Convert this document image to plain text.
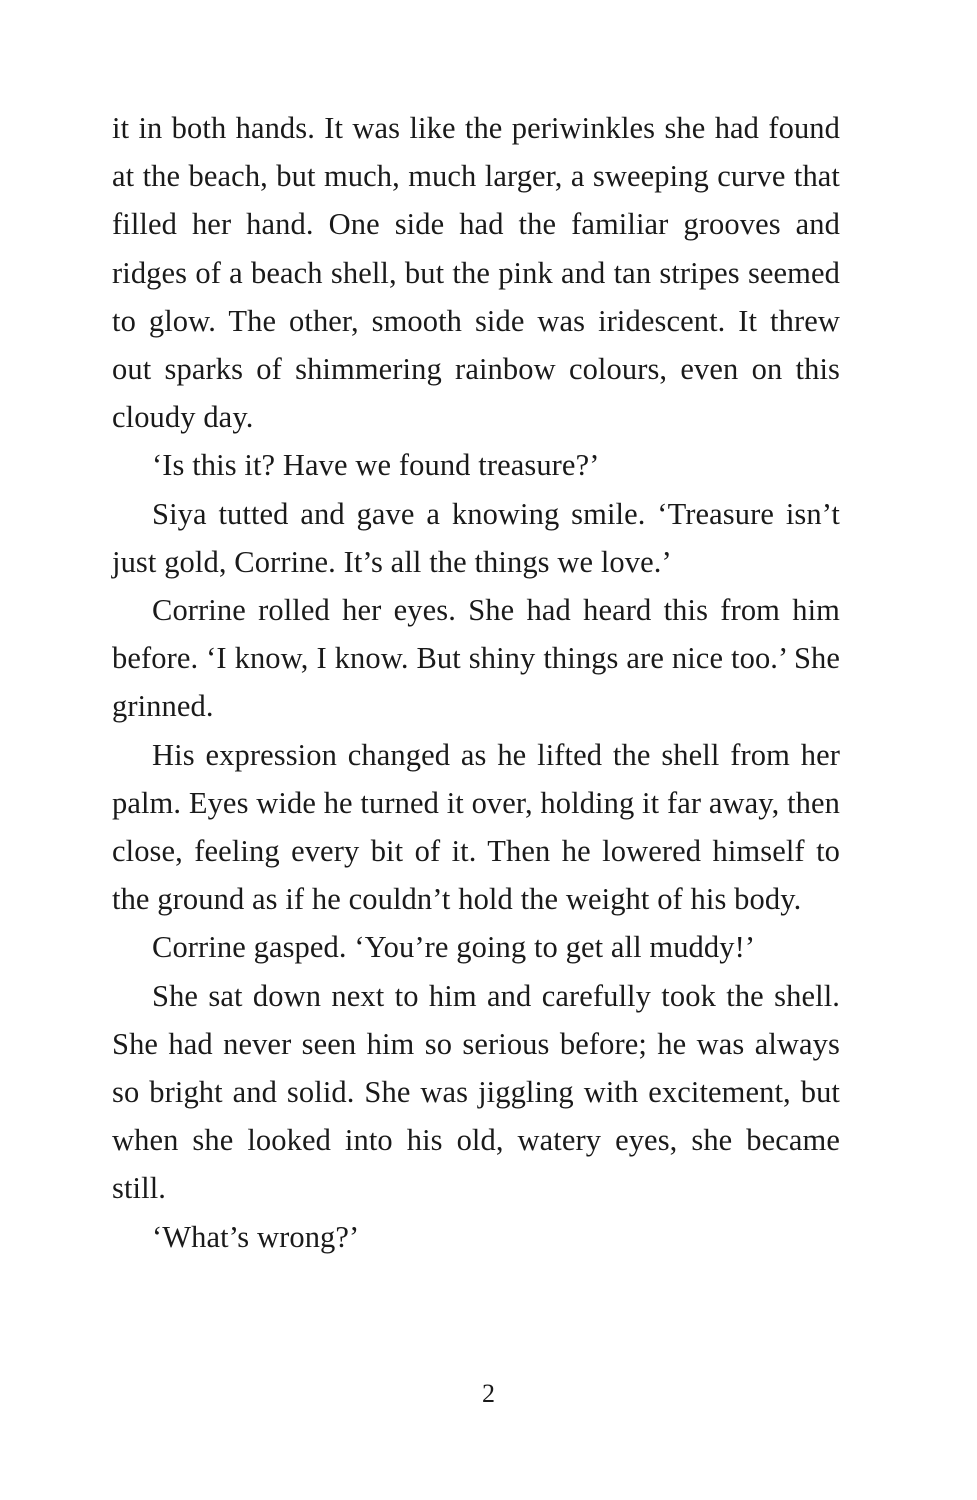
it in both hands. It was like the periwinkles she had found at the beach, but much, much larger, a sweeping curve that filled her hand. One side had the familiar grooves and ridges of a beach shell, but the pink and tan stripes seemed to glow. The other, smooth side was iridescent. It threw out sparks of shimmering rainbow colours, even on this cloudy day.

‘Is this it? Have we found treasure?’

Siya tutted and gave a knowing smile. ‘Treasure isn’t just gold, Corrine. It’s all the things we love.’

Corrine rolled her eyes. She had heard this from him before. ‘I know, I know. But shiny things are nice too.’ She grinned.

His expression changed as he lifted the shell from her palm. Eyes wide he turned it over, holding it far away, then close, feeling every bit of it. Then he lowered himself to the ground as if he couldn’t hold the weight of his body.

Corrine gasped. ‘You’re going to get all muddy!’

She sat down next to him and carefully took the shell. She had never seen him so serious before; he was always so bright and solid. She was jiggling with excitement, but when she looked into his old, watery eyes, she became still.

‘What’s wrong?’

2
